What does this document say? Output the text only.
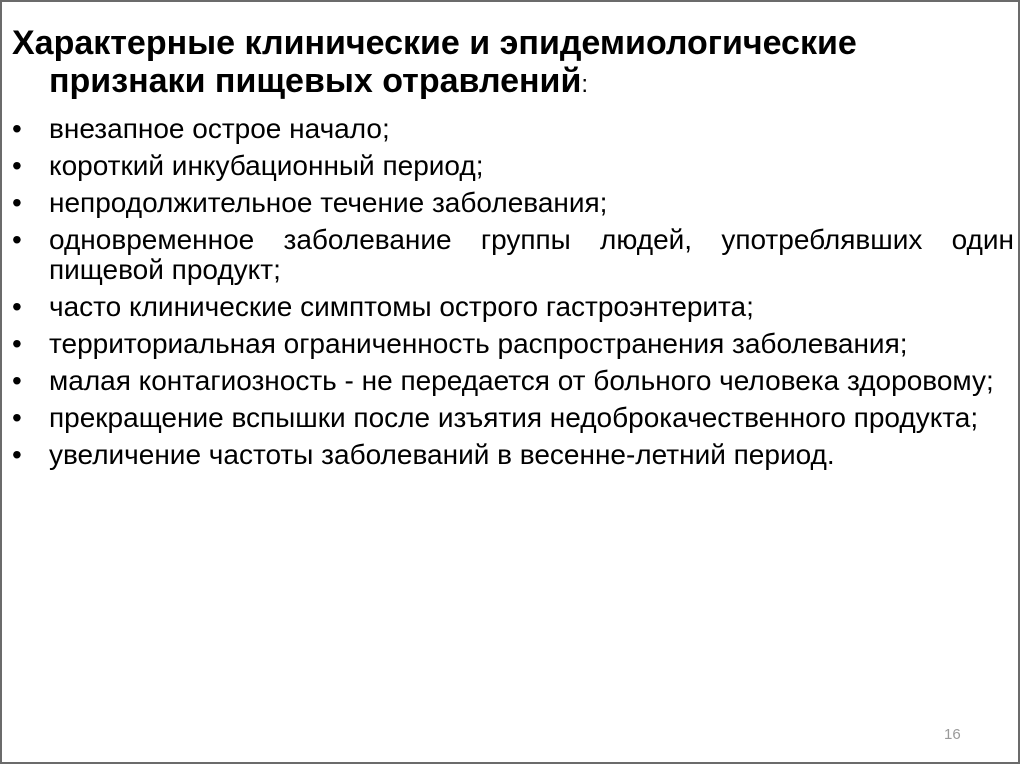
Характерные клинические и эпидемиологические
признаки пищевых отравлений:
• внезапное острое начало;
• короткий инкубационный период;
• непродолжительное течение заболевания;
• одновременное заболевание группы людей, употреблявших один пищевой продукт;
• часто клинические симптомы острого гастроэнтерита;
• территориальная ограниченность распространения заболевания;
• малая контагиозность - не передается от больного человека здоровому;
• прекращение вспышки после изъятия недоброкачественного продукта;
• увеличение частоты заболеваний в весенне-летний период.
16
